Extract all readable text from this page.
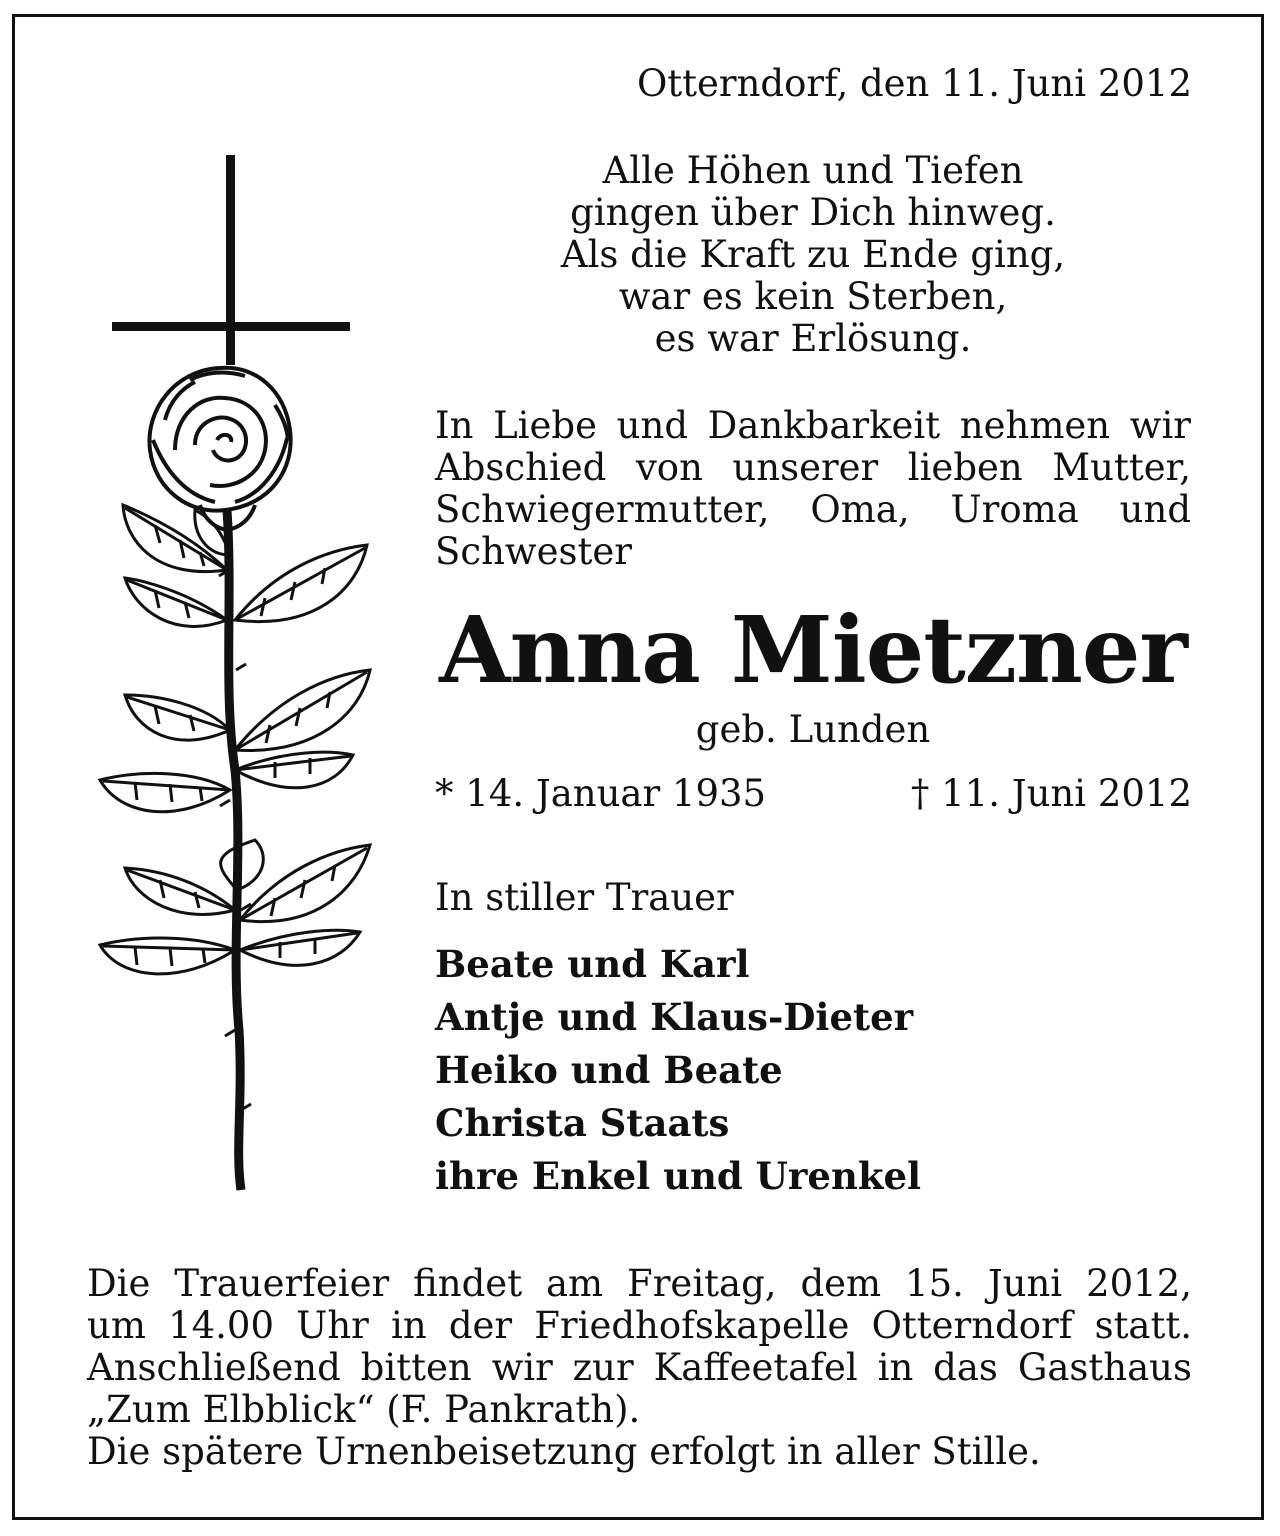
Otterndorf, den 11. Juni 2012
Alle Höhen und Tiefen
gingen über Dich hinweg.
Als die Kraft zu Ende ging,
war es kein Sterben,
es war Erlösung.
In Liebe und Dankbarkeit nehmen wir
Abschied von unserer lieben Mutter,
Schwiegermutter, Oma, Uroma und
Schwester
Anna Mietzner
geb. Lunden
* 14. Januar 1935	† 11. Juni 2012
In stiller Trauer
Beate und Karl
Antje und Klaus-Dieter
Heiko und Beate
Christa Staats
ihre Enkel und Urenkel
Die Trauerfeier findet am Freitag, dem 15. Juni 2012,
um 14.00 Uhr in der Friedhofskapelle Otterndorf statt.
Anschließend bitten wir zur Kaffeetafel in das Gasthaus
„Zum Elbblick“ (F. Pankrath).
Die spätere Urnenbeisetzung erfolgt in aller Stille.
